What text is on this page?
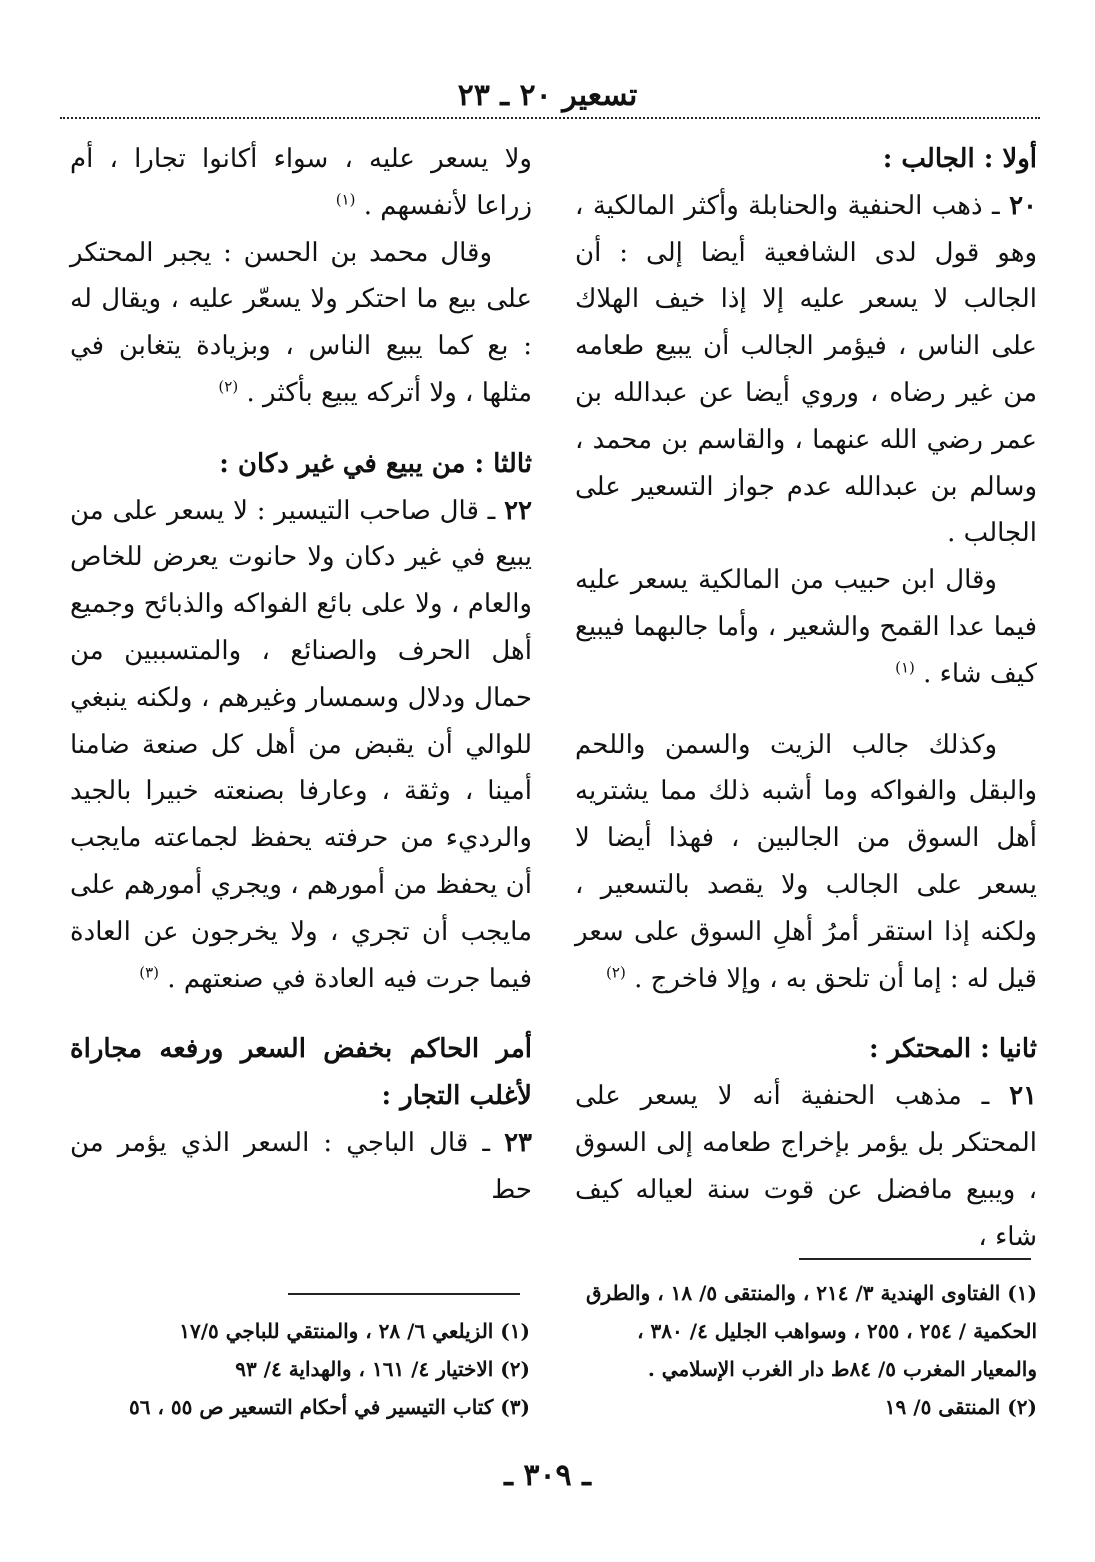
تسعير ٢٠ ـ ٢٣

أولا : الجالب :

٢٠ ـ ذهب الحنفية والحنابلة وأكثر المالكية ، وهو قول لدى الشافعية أيضا إلى : أن الجالب لا يسعر عليه إلا إذا خيف الهلاك على الناس ، فيؤمر الجالب أن يبيع طعامه من غير رضاه ، وروي أيضا عن عبدالله بن عمر رضي الله عنهما ، والقاسم بن محمد ، وسالم بن عبدالله عدم جواز التسعير على الجالب .

وقال ابن حبيب من المالكية يسعر عليه فيما عدا القمح والشعير ، وأما جالبهما فيبيع كيف شاء . $^{(١)}$

وكذلك جالب الزيت والسمن واللحم والبقل والفواكه وما أشبه ذلك مما يشتريه أهل السوق من الجالبين ، فهذا أيضا لا يسعر على الجالب ولا يقصد بالتسعير ، ولكنه إذا استقر أمرُ أهلِ السوق على سعر قيل له : إما أن تلحق به ، وإلا فاخرج . $^{(٢)}$

ثانيا : المحتكر :

٢١ ـ مذهب الحنفية أنه لا يسعر على المحتكر بل يؤمر بإخراج طعامه إلى السوق ، ويبيع مافضل عن قوت سنة لعياله كيف شاء ،

(١) الفتاوى الهندية ٣/ ٢١٤ ، والمنتقى ٥/ ١٨ ، والطرق الحكمية / ٢٥٤ ، ٢٥٥ ، وسواهب الجليل ٤/ ٣٨٠ ، والمعيار المغرب ٥/ ٨٤ط دار الغرب الإسلامي .

(٢) المنتقى ٥/ ١٩

ولا يسعر عليه ، سواء أكانوا تجارا ، أم زراعا لأنفسهم . $^{(١)}$

وقال محمد بن الحسن : يجبر المحتكر على بيع ما احتكر ولا يسعّر عليه ، ويقال له : بع كما يبيع الناس ، وبزيادة يتغابن في مثلها ، ولا أتركه يبيع بأكثر . $^{(٢)}$

ثالثا : من يبيع في غير دكان :

٢٢ ـ قال صاحب التيسير : لا يسعر على من يبيع في غير دكان ولا حانوت يعرض للخاص والعام ، ولا على بائع الفواكه والذبائح وجميع أهل الحرف والصنائع ، والمتسببين من حمال ودلال وسمسار وغيرهم ، ولكنه ينبغي للوالي أن يقبض من أهل كل صنعة ضامنا أمينا ، وثقة ، وعارفا بصنعته خبيرا بالجيد والرديء من حرفته يحفظ لجماعته مايجب أن يحفظ من أمورهم ، ويجري أمورهم على مايجب أن تجري ، ولا يخرجون عن العادة فيما جرت فيه العادة في صنعتهم . $^{(٣)}$

أمر الحاكم بخفض السعر ورفعه مجاراة لأغلب التجار :

٢٣ ـ قال الباجي : السعر الذي يؤمر من حط

(١) الزيلعي ٦/ ٢٨ ، والمنتقي للباجي ١٧/٥

(٢) الاختيار ٤/ ١٦١ ، والهداية ٤/ ٩٣

(٣) كتاب التيسير في أحكام التسعير ص ٥٥ ، ٥٦

ـ ٣٠٩ ـ
